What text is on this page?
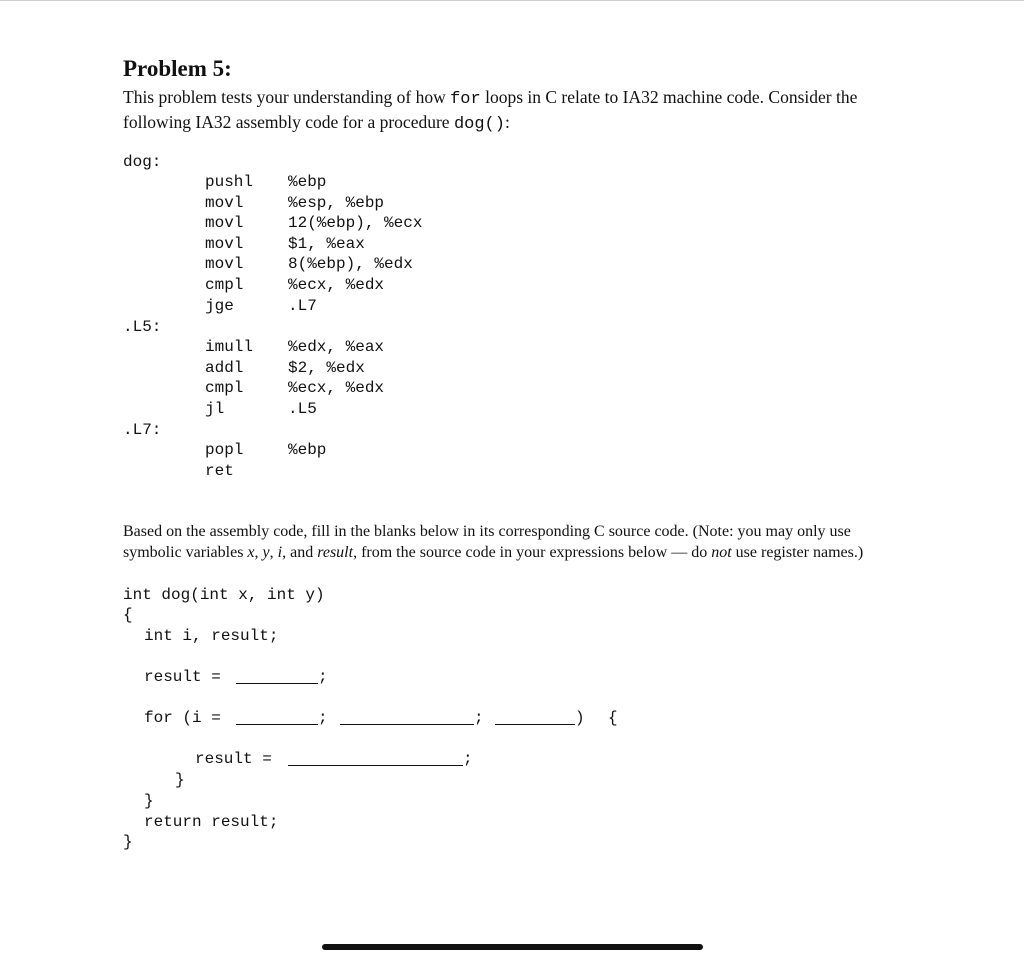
Problem 5:

This problem tests your understanding of how for loops in C relate to IA32 machine code. Consider the
following IA32 assembly code for a procedure dog():

dog:
pushl %ebp
movl	%esp, %ebp
movl	12(%ebp), %ecx
movl	$1, %eax
movl	8(%ebp), %edx
cmpl	%ecx, %edx
jge	.L7
.L5:
imull %edx, %eax
addl	$2, %edx
cmpl	%ecx, %edx
jl	.L5
.L7:
popl	%ebp
ret

Based on the assembly code, fill in the blanks below in its corresponding C source code. (Note: you may only use
symbolic variables x, y, i, and result, from the source code in your expressions below — do not use register names.)

int dog(int x, int y)
{
int i, result;
result =	;
for (i =	;	;	) {
result =	;
}
}
return result;
}
